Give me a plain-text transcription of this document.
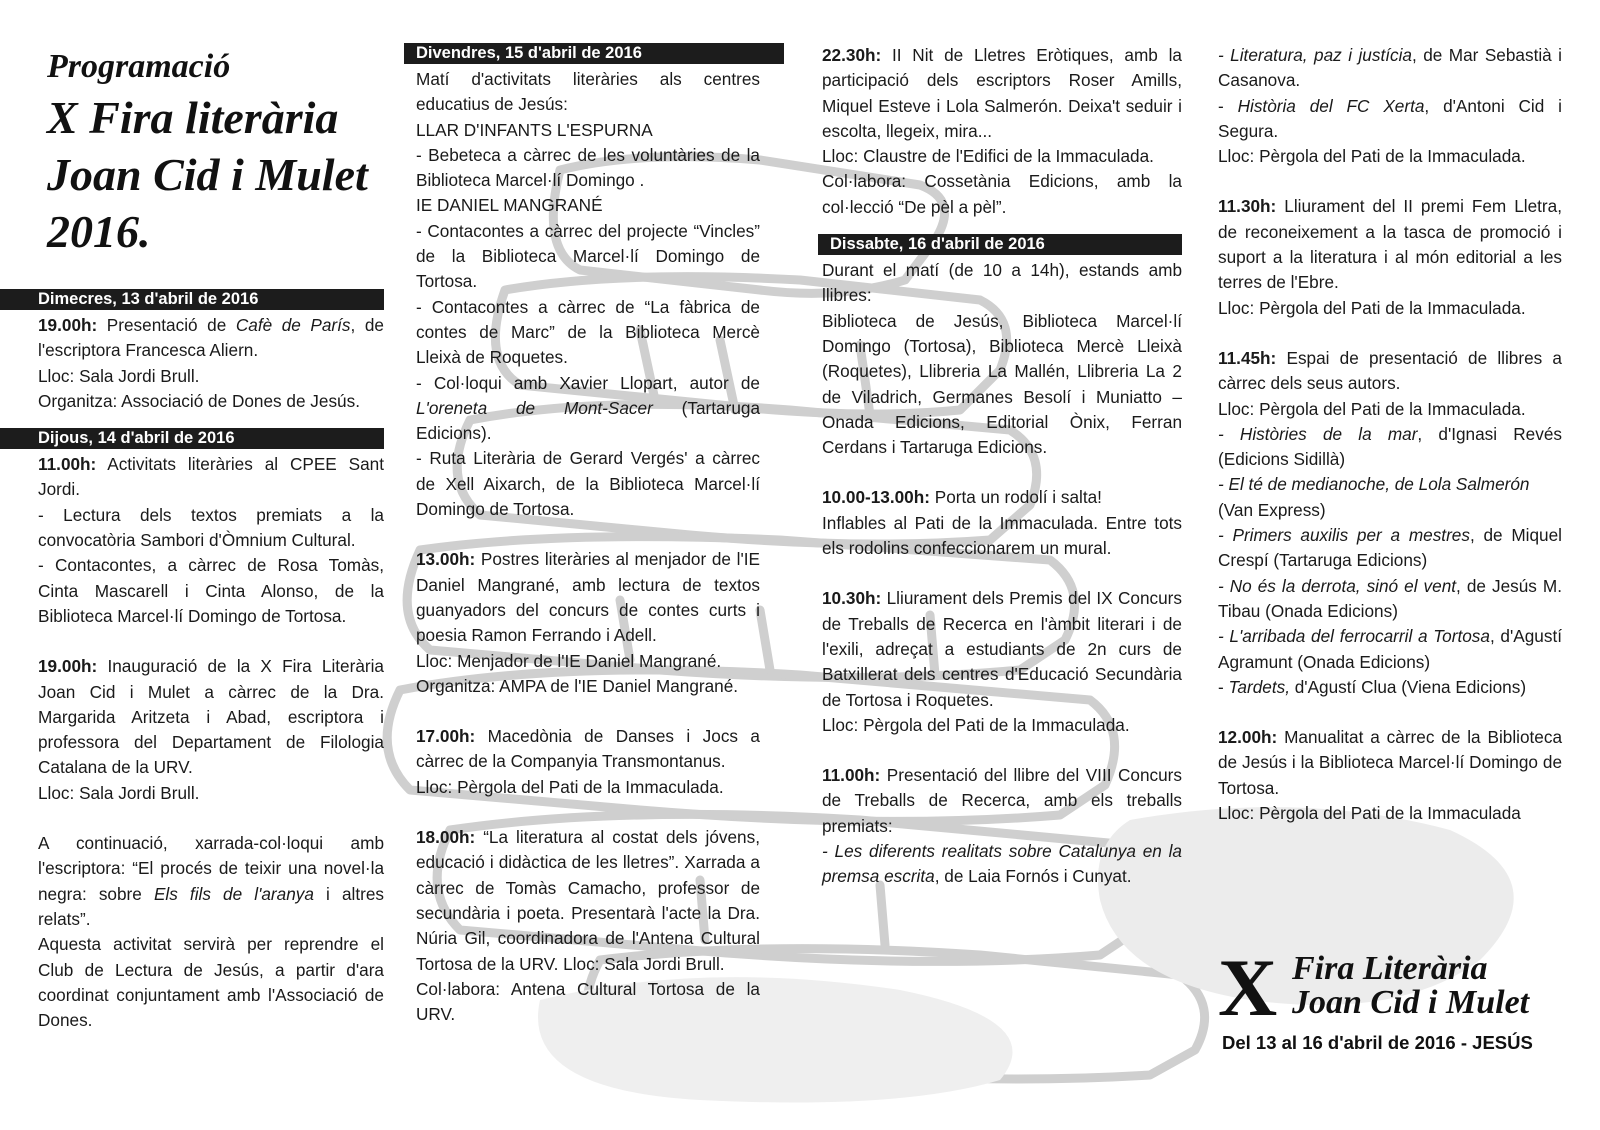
Programació
X Fira literària
Joan Cid i Mulet
2016.
Dimecres, 13 d'abril de 2016

19.00h: Presentació de Cafè de París, de l'escriptora Francesca Aliern.

Lloc: Sala Jordi Brull.

Organitza: Associació de Dones de Jesús.

Dijous, 14 d'abril de 2016

11.00h: Activitats literàries al CPEE Sant Jordi.

- Lectura dels textos premiats a la convocatòria Sambori d'Òmnium Cultural.

- Contacontes, a càrrec de Rosa Tomàs, Cinta Mascarell i Cinta Alonso, de la Biblioteca Marcel·lí Domingo de Tortosa.

19.00h: Inauguració de la X Fira Literària Joan Cid i Mulet a càrrec de la Dra. Margarida Aritzeta i Abad, escriptora i professora del Departament de Filologia Catalana de la URV.

Lloc: Sala Jordi Brull.

A continuació, xarrada-col·loqui amb l'escriptora: “El procés de teixir una novel·la negra: sobre Els fils de l'aranya i altres relats”.

Aquesta activitat servirà per reprendre el Club de Lectura de Jesús, a partir d'ara coordinat conjuntament amb l'Associació de Dones.

Divendres, 15 d'abril de 2016

Matí d'activitats literàries als centres educatius de Jesús:

LLAR D'INFANTS L'ESPURNA

- Bebeteca a càrrec de les voluntàries de la Biblioteca Marcel·lí Domingo .

IE DANIEL MANGRANÉ

- Contacontes a càrrec del projecte “Vincles” de la Biblioteca Marcel·lí Domingo de Tortosa.

- Contacontes a càrrec de “La fàbrica de contes de Marc” de la Biblioteca Mercè Lleixà de Roquetes.

- Col·loqui amb Xavier Llopart, autor de L'oreneta de Mont-Sacer (Tartaruga Edicions).

- Ruta Literària de Gerard Vergés' a càrrec de Xell Aixarch, de la Biblioteca Marcel·lí Domingo de Tortosa.

13.00h: Postres literàries al menjador de l'IE Daniel Mangrané, amb lectura de textos guanyadors del concurs de contes curts i poesia Ramon Ferrando i Adell.

Lloc: Menjador de l'IE Daniel Mangrané.

Organitza: AMPA de l'IE Daniel Mangrané.

17.00h: Macedònia de Danses i Jocs a càrrec de la Companyia Transmontanus.

Lloc: Pèrgola del Pati de la Immaculada.

18.00h: “La literatura al costat dels jóvens, educació i didàctica de les lletres”. Xarrada a càrrec de Tomàs Camacho, professor de secundària i poeta. Presentarà l'acte la Dra. Núria Gil, coordinadora de l'Antena Cultural Tortosa de la URV. Lloc: Sala Jordi Brull.

Col·labora: Antena Cultural Tortosa de la URV.

22.30h: II Nit de Lletres Eròtiques, amb la participació dels escriptors Roser Amills, Miquel Esteve i Lola Salmerón. Deixa't seduir i escolta, llegeix, mira...

Lloc: Claustre de l'Edifici de la Immaculada.

Col·labora: Cossetània Edicions, amb la col·lecció “De pèl a pèl”.

Dissabte, 16 d'abril de 2016

Durant el matí (de 10 a 14h), estands amb llibres:

Biblioteca de Jesús, Biblioteca Marcel·lí Domingo (Tortosa), Biblioteca Mercè Lleixà (Roquetes), Llibreria La Mallén, Llibreria La 2 de Viladrich, Germanes Besolí i Muniatto – Onada Edicions, Editorial Ònix, Ferran Cerdans i Tartaruga Edicions.

10.00-13.00h: Porta un rodolí i salta!

Inflables al Pati de la Immaculada. Entre tots els rodolins confeccionarem un mural.

10.30h: Lliurament dels Premis del IX Concurs de Treballs de Recerca en l'àmbit literari i de l'exili, adreçat a estudiants de 2n curs de Batxillerat dels centres d'Educació Secundària de Tortosa i Roquetes.

Lloc: Pèrgola del Pati de la Immaculada.

11.00h: Presentació del llibre del VIII Concurs de Treballs de Recerca, amb els treballs premiats:

- Les diferents realitats sobre Catalunya en la premsa escrita, de Laia Fornós i Cunyat.

- Literatura, paz i justícia, de Mar Sebastià i Casanova.

- Història del FC Xerta, d'Antoni Cid i Segura.

Lloc: Pèrgola del Pati de la Immaculada.

11.30h: Lliurament del II premi Fem Lletra, de reconeixement a la tasca de promoció i suport a la literatura i al món editorial a les terres de l'Ebre.

Lloc: Pèrgola del Pati de la Immaculada.

11.45h: Espai de presentació de llibres a càrrec dels seus autors.

Lloc: Pèrgola del Pati de la Immaculada.

- Històries de la mar, d'Ignasi Revés (Edicions Sidillà)

- El té de medianoche, de Lola Salmerón (Van Express)

- Primers auxilis per a mestres, de Miquel Crespí (Tartaruga Edicions)

- No és la derrota, sinó el vent, de Jesús M. Tibau (Onada Edicions)

- L'arribada del ferrocarril a Tortosa, d'Agustí Agramunt (Onada Edicions)

- Tardets, d'Agustí Clua (Viena Edicions)

12.00h: Manualitat a càrrec de la Biblioteca de Jesús i la Biblioteca Marcel·lí Domingo de Tortosa.

Lloc: Pèrgola del Pati de la Immaculada

X Fira Literària
Joan Cid i Mulet
Del 13 al 16 d'abril de 2016 - JESÚS
